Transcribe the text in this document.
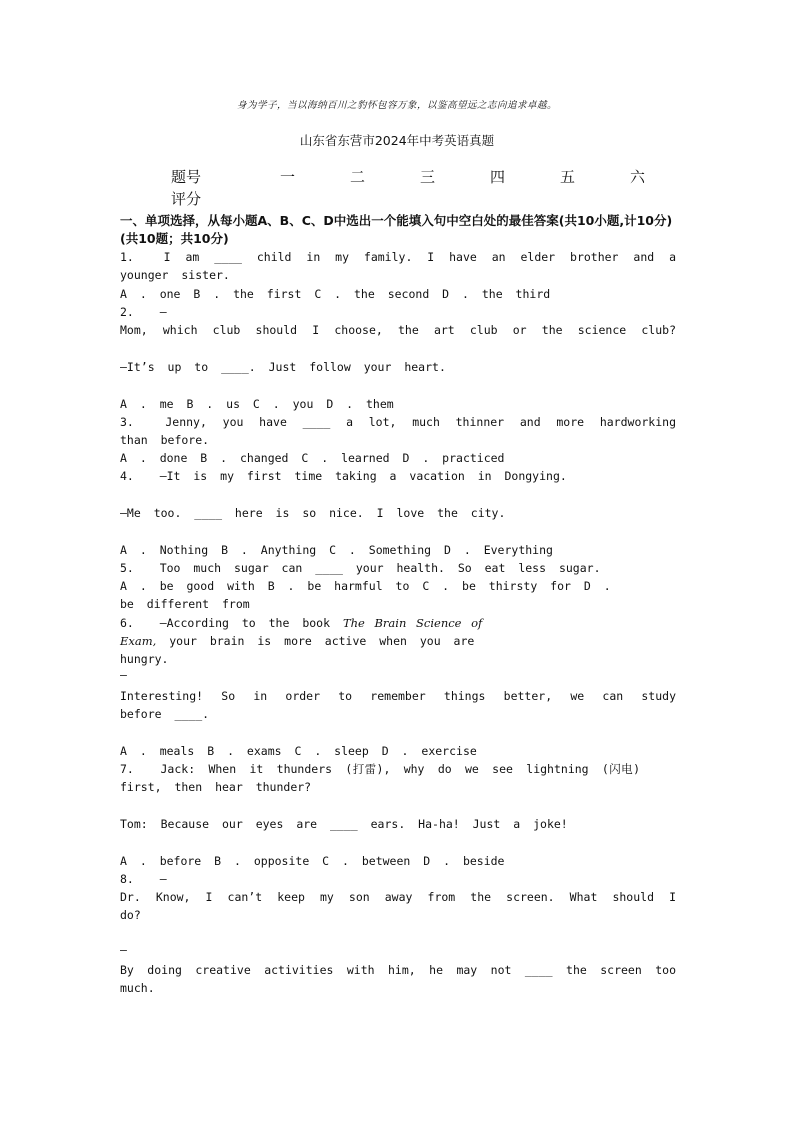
身为学子，当以海纳百川之豹怀包容万象，以鉴高望远之志向追求卓越。
山东省东营市2024年中考英语真题
题号	一	二	三	四	五	六
评分
一、单项选择，从每小题A、B、C、D中选出一个能填入句中空白处的最佳答案(共10小题,计10分)(共10题；共10分)
1.  I am ____ child in my family. I have an elder brother and a younger sister.
A . one B . the first C . the second D . the third
2.  —
Mom, which club should I choose, the art club or the science club?
—It’s up to ____. Just follow your heart.
A . me B . us C . you D . them
3.  Jenny, you have ____ a lot, much thinner and more hardworking than before.
A . done B . changed C . learned D . practiced
4.  —It is my first time taking a vacation in Dongying.
—Me too. ____ here is so nice. I love the city.
A . Nothing B . Anything C . Something D . Everything
5.  Too much sugar can ____ your health. So eat less sugar.
A . be good with B . be harmful to C . be thirsty for D .
be different from
6.  —According to the book The Brain Science of Exam, your brain is more active when you are hungry.
—
Interesting! So in order to remember things better, we can study before ____.
A . meals B . exams C . sleep D . exercise
7.  Jack: When it thunders (打雷), why do we see lightning (闪电) first, then hear thunder?
Tom: Because our eyes are ____ ears. Ha-ha! Just a joke!
A . before B . opposite C . between D . beside
8.  —
Dr. Know, I can’t keep my son away from the screen. What should I do?
—
By doing creative activities with him, he may not ____ the screen too much.
